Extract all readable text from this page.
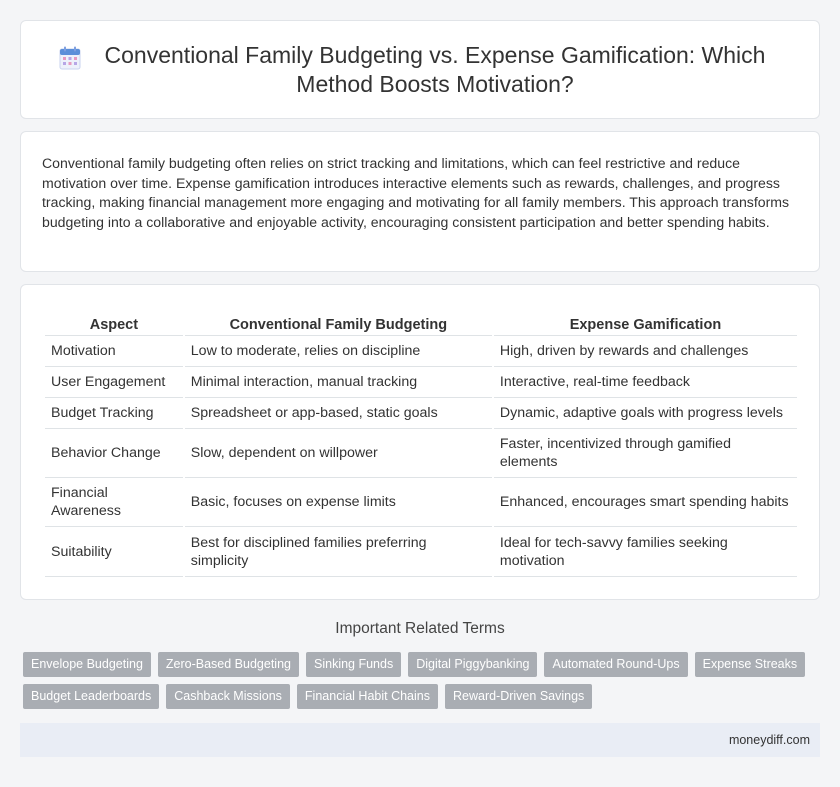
Conventional Family Budgeting vs. Expense Gamification: Which Method Boosts Motivation?

Conventional family budgeting often relies on strict tracking and limitations, which can feel restrictive and reduce motivation over time. Expense gamification introduces interactive elements such as rewards, challenges, and progress tracking, making financial management more engaging and motivating for all family members. This approach transforms budgeting into a collaborative and enjoyable activity, encouraging consistent participation and better spending habits.

Aspect	Conventional Family Budgeting	Expense Gamification
Motivation	Low to moderate, relies on discipline	High, driven by rewards and challenges
User Engagement	Minimal interaction, manual tracking	Interactive, real-time feedback
Budget Tracking	Spreadsheet or app-based, static goals	Dynamic, adaptive goals with progress levels
Behavior Change	Slow, dependent on willpower	Faster, incentivized through gamified elements
Financial Awareness	Basic, focuses on expense limits	Enhanced, encourages smart spending habits
Suitability	Best for disciplined families preferring simplicity	Ideal for tech-savvy families seeking motivation
Important Related Terms
Envelope Budgeting	Zero-Based Budgeting	Sinking Funds	Digital Piggybanking	Automated Round-Ups	Expense Streaks
Budget Leaderboards	Cashback Missions	Financial Habit Chains	Reward-Driven Savings
moneydiff.com
